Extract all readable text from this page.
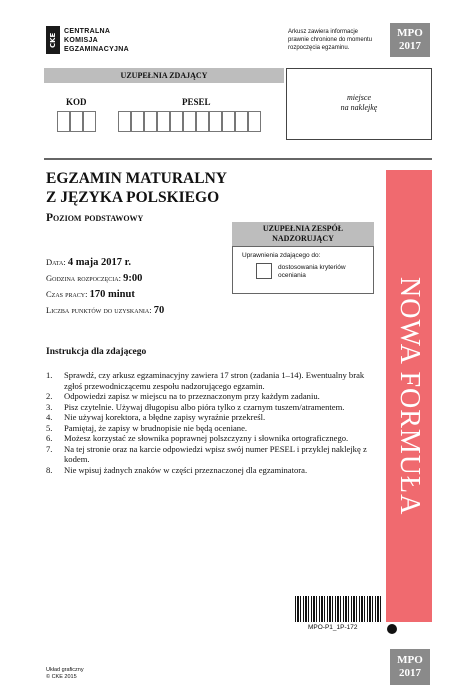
CKE
CENTRALNA
KOMISJA
EGZAMINACYJNA
Arkusz zawiera informacje
prawnie chronione do momentu
rozpoczęcia egzaminu.
MPO
2017
UZUPEŁNIA ZDAJĄCY
KOD	PESEL	miejsce
na naklejkę
EGZAMIN MATURALNY
Z JĘZYKA POLSKIEGO
Poziom podstawowy
Data: 4 maja 2017 r.
Godzina rozpoczęcia: 9:00
Czas pracy: 170 minut
Liczba punktów do uzyskania: 70
UZUPEŁNIA ZESPÓŁ NADZORUJĄCY
Uprawnienia zdającego do:
dostosowania kryteriów oceniania
NOWA FORMUŁA
Instrukcja dla zdającego
1.	Sprawdź, czy arkusz egzaminacyjny zawiera 17 stron (zadania 1–14). Ewentualny brak zgłoś przewodniczącemu zespołu nadzorującego egzamin.
2.	Odpowiedzi zapisz w miejscu na to przeznaczonym przy każdym zadaniu.
3.	Pisz czytelnie. Używaj długopisu albo pióra tylko z czarnym tuszem/atramentem.
4.	Nie używaj korektora, a błędne zapisy wyraźnie przekreśl.
5.	Pamiętaj, że zapisy w brudnopisie nie będą oceniane.
6.	Możesz korzystać ze słownika poprawnej polszczyzny i słownika ortograficznego.
7.	Na tej stronie oraz na karcie odpowiedzi wpisz swój numer PESEL i przyklej naklejkę z kodem.
8.	Nie wpisuj żadnych znaków w części przeznaczonej dla egzaminatora.
MPO-P1_1P-172
MPO
2017
Układ graficzny
© CKE 2015
